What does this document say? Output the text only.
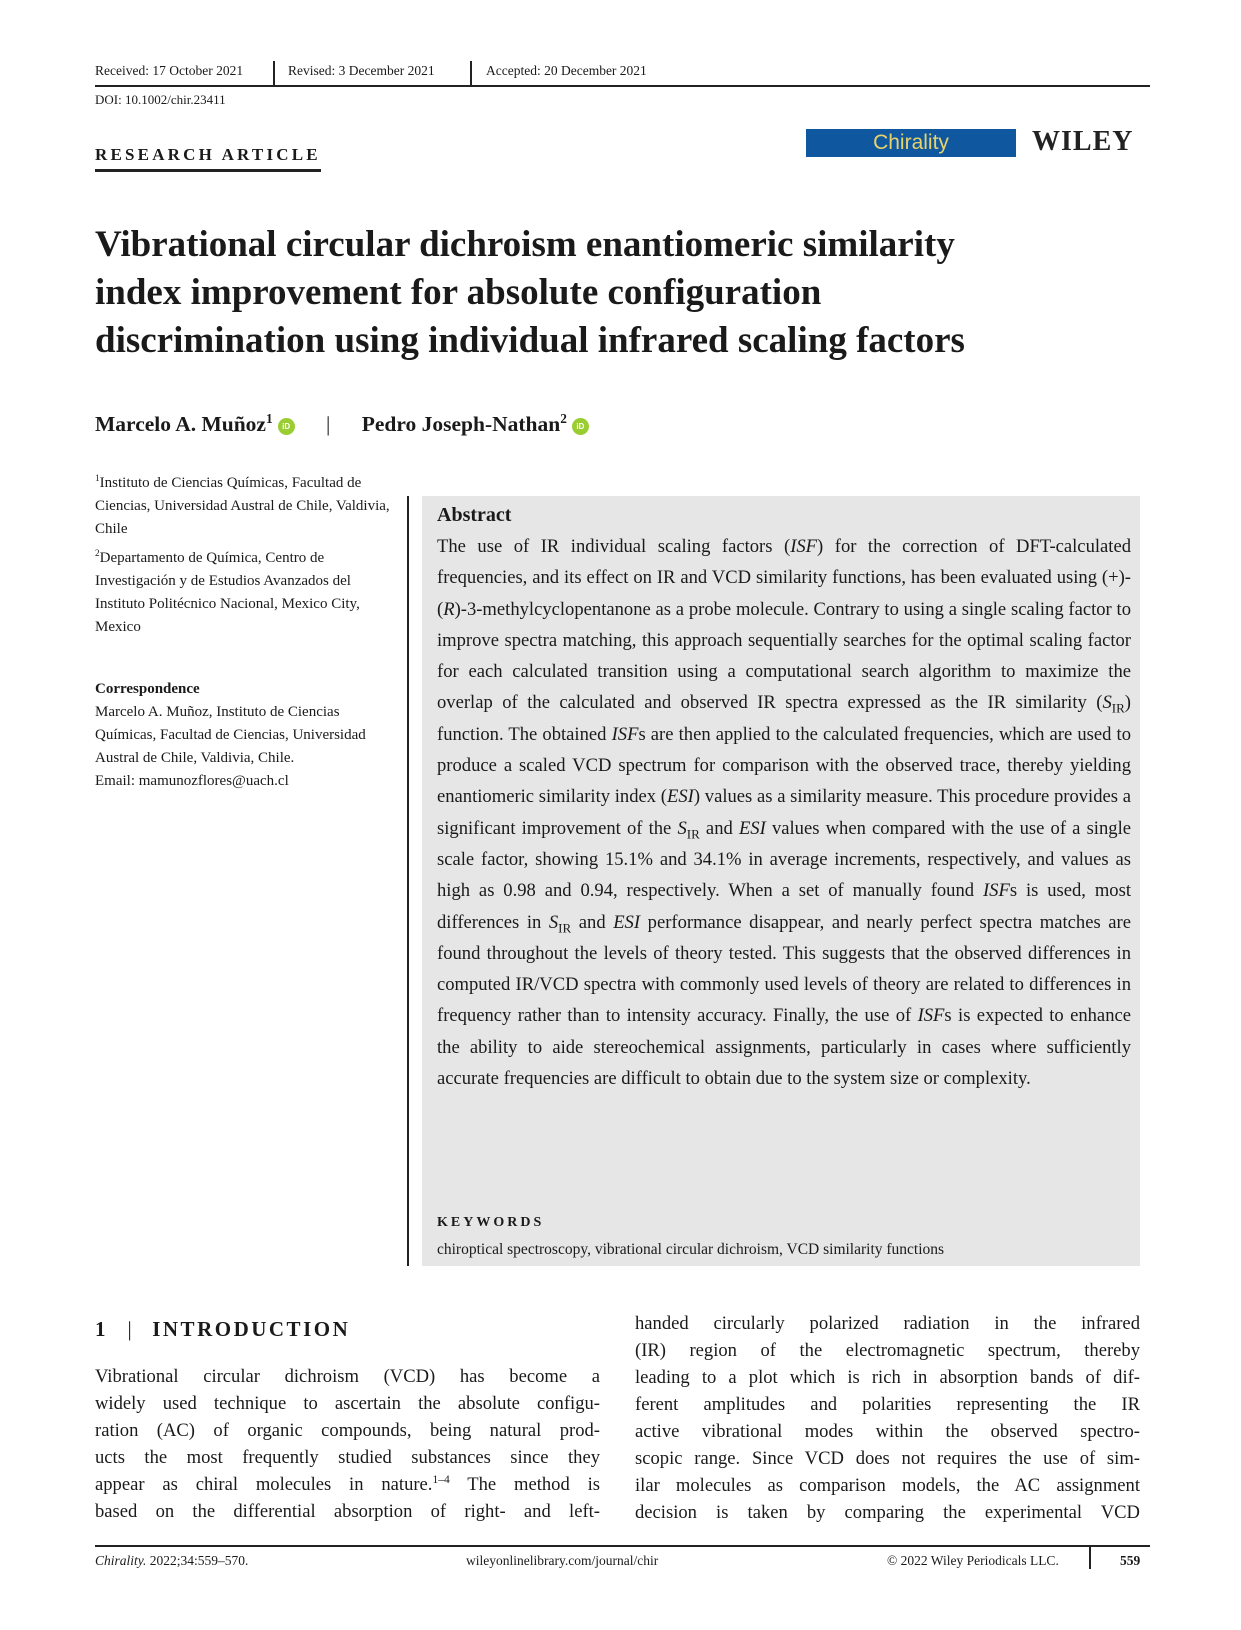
Received: 17 October 2021	Revised: 3 December 2021	Accepted: 20 December 2021
DOI: 10.1002/chir.23411
RESEARCH ARTICLE
Chirality	WILEY
Vibrational circular dichroism enantiomeric similarity
index improvement for absolute configuration
discrimination using individual infrared scaling factors
Marcelo A. Muñoz$^1$iD | Pedro Joseph-Nathan$^2$iD

$^1$Instituto de Ciencias Químicas, Facultad de Ciencias, Universidad Austral de Chile, Valdivia, Chile

$^2$Departamento de Química, Centro de Investigación y de Estudios Avanzados del Instituto Politécnico Nacional, Mexico City, Mexico

Correspondence

Marcelo A. Muñoz, Instituto de Ciencias Químicas, Facultad de Ciencias, Universidad Austral de Chile, Valdivia, Chile.

Email: mamunozflores@uach.cl

Abstract

The use of IR individual scaling factors (ISF) for the correction of DFT-calculated frequencies, and its effect on IR and VCD similarity functions, has been evaluated using (+)-(R)-3-methylcyclopentanone as a probe molecule. Contrary to using a single scaling factor to improve spectra matching, this approach sequentially searches for the optimal scaling factor for each calculated transition using a computational search algorithm to maximize the overlap of the calculated and observed IR spectra expressed as the IR similarity $(S_{IR})$ function. The obtained ISFs are then applied to the calculated frequencies, which are used to produce a scaled VCD spectrum for comparison with the observed trace, thereby yielding enantiomeric similarity index (ESI) values as a similarity measure. This procedure provides a significant improvement of the $S_{IR}$ and ESI values when compared with the use of a single scale factor, showing 15.1% and 34.1% in average increments, respectively, and values as high as 0.98 and 0.94, respectively. When a set of manually found ISFs is used, most differences in $S_{IR}$ and ESI performance disappear, and nearly perfect spectra matches are found throughout the levels of theory tested. This suggests that the observed differences in computed IR/VCD spectra with commonly used levels of theory are related to differences in frequency rather than to intensity accuracy. Finally, the use of ISFs is expected to enhance the ability to aide stereochemical assignments, particularly in cases where sufficiently accurate frequencies are difficult to obtain due to the system size or complexity.

KEYWORDS
chiroptical spectroscopy, vibrational circular dichroism, VCD similarity functions
1 | INTRODUCTION
Vibrational circular dichroism (VCD) has become a
widely used technique to ascertain the absolute configu-
ration (AC) of organic compounds, being natural prod-
ucts the most frequently studied substances since they
appear as chiral molecules in nature.$^{1-4}$ The method is
based on the differential absorption of right- and left-
handed circularly polarized radiation in the infrared
(IR) region of the electromagnetic spectrum, thereby
leading to a plot which is rich in absorption bands of dif-
ferent amplitudes and polarities representing the IR
active vibrational modes within the observed spectro-
scopic range. Since VCD does not requires the use of sim-
ilar molecules as comparison models, the AC assignment
decision is taken by comparing the experimental VCD
Chirality. 2022;34:559–570.	wileyonlinelibrary.com/journal/chir	© 2022 Wiley Periodicals LLC.	559
